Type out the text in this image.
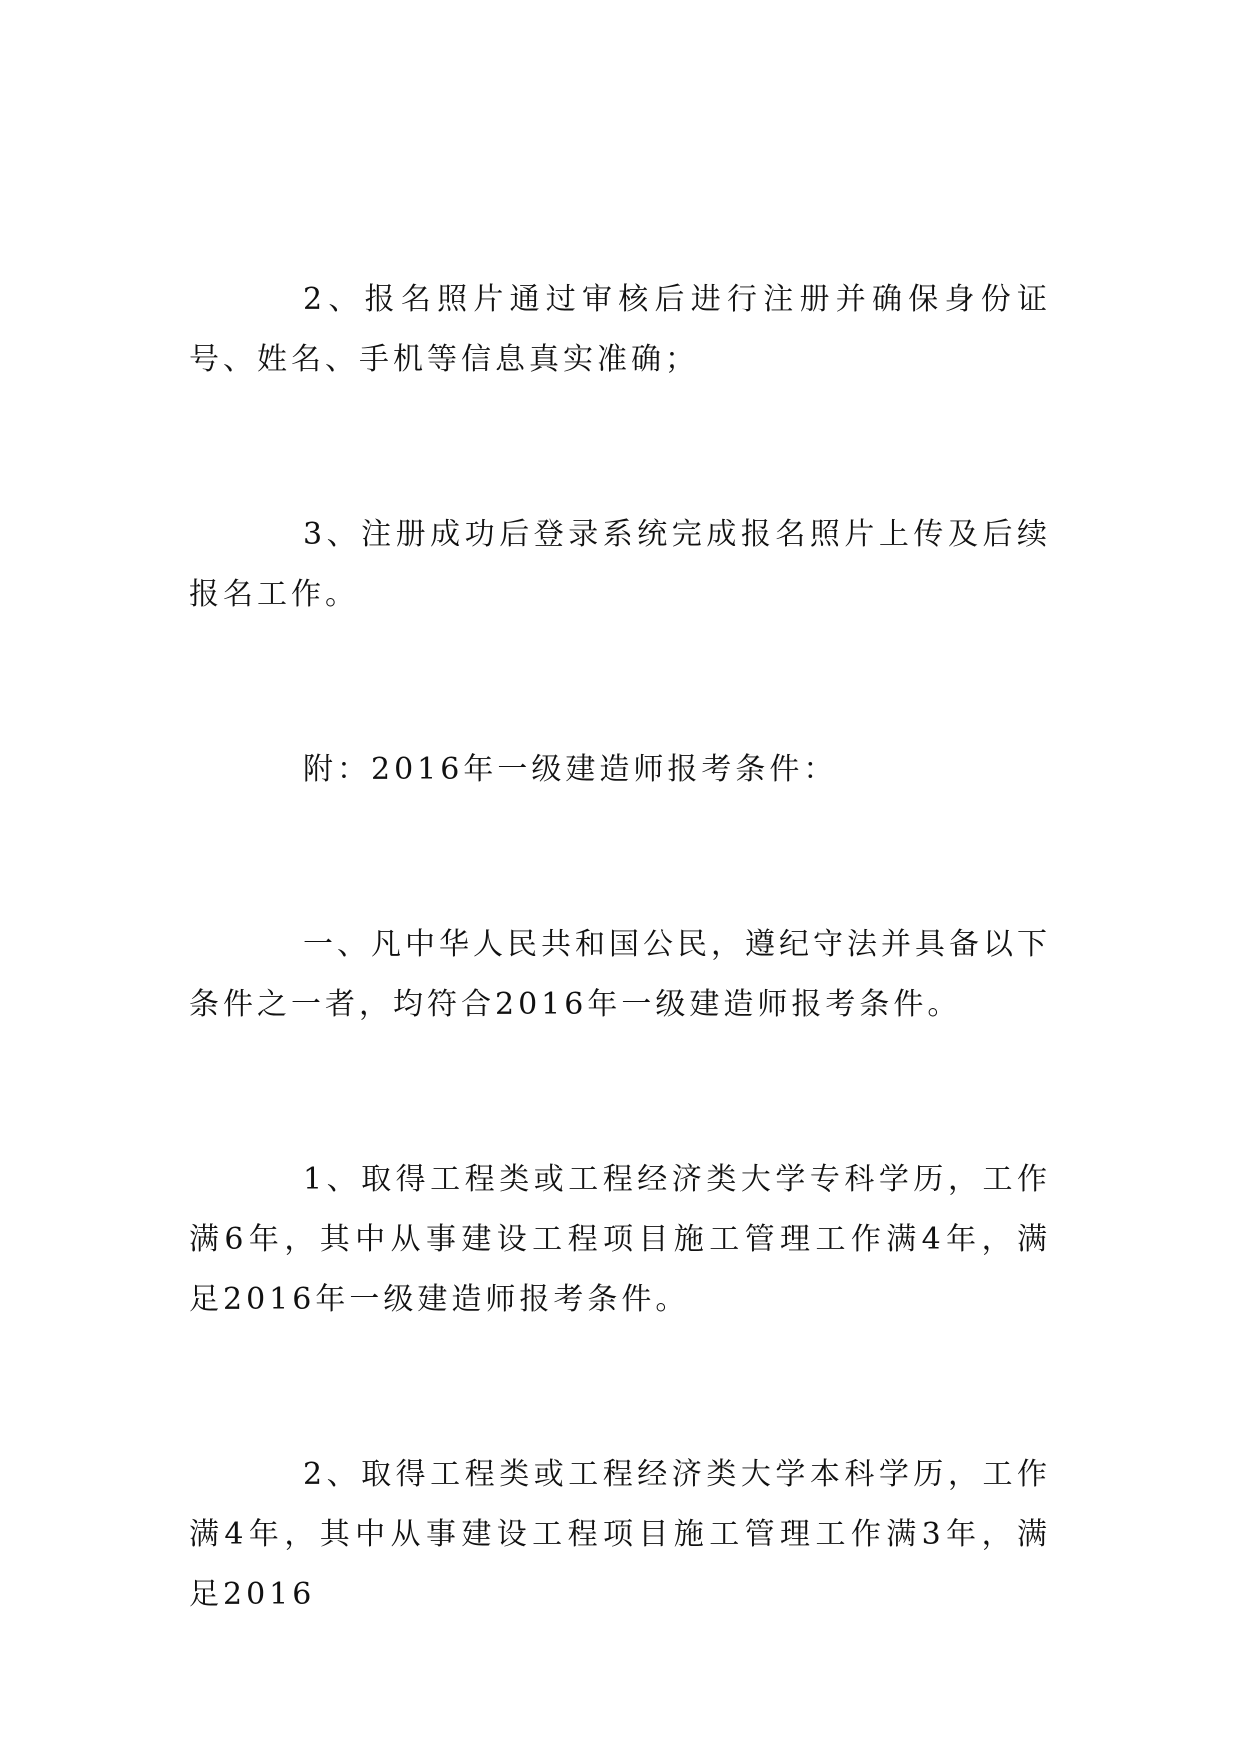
2、报名照片通过审核后进行注册并确保身份证号、姓名、手机等信息真实准确；

3、注册成功后登录系统完成报名照片上传及后续报名工作。

附：2016年一级建造师报考条件：

一、凡中华人民共和国公民，遵纪守法并具备以下条件之一者，均符合2016年一级建造师报考条件。

1、取得工程类或工程经济类大学专科学历，工作满6年，其中从事建设工程项目施工管理工作满4年，满足2016年一级建造师报考条件。

2、取得工程类或工程经济类大学本科学历，工作满4年，其中从事建设工程项目施工管理工作满3年，满足2016
